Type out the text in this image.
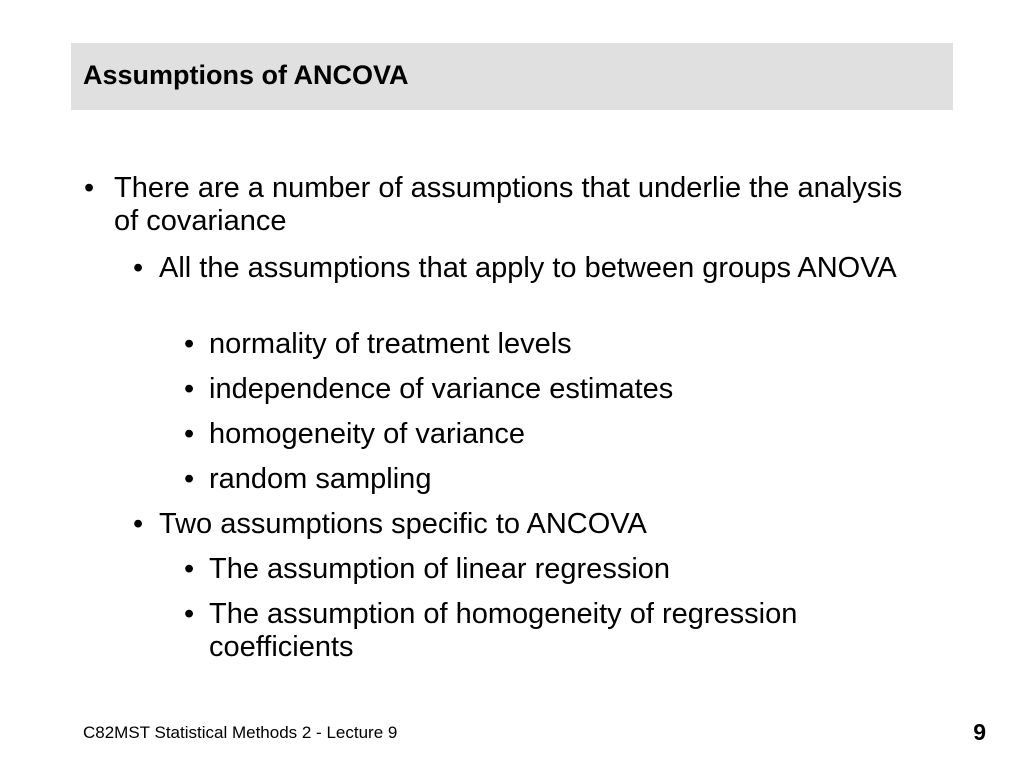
Assumptions of ANCOVA
• There are a number of assumptions that underlie the analysis of covariance
• All the assumptions that apply to between groups ANOVA
• normality of treatment levels
• independence of variance estimates
• homogeneity of variance
• random sampling
• Two assumptions specific to ANCOVA
• The assumption of linear regression
• The assumption of homogeneity of regression coefficients
C82MST Statistical Methods 2 - Lecture 9	9
